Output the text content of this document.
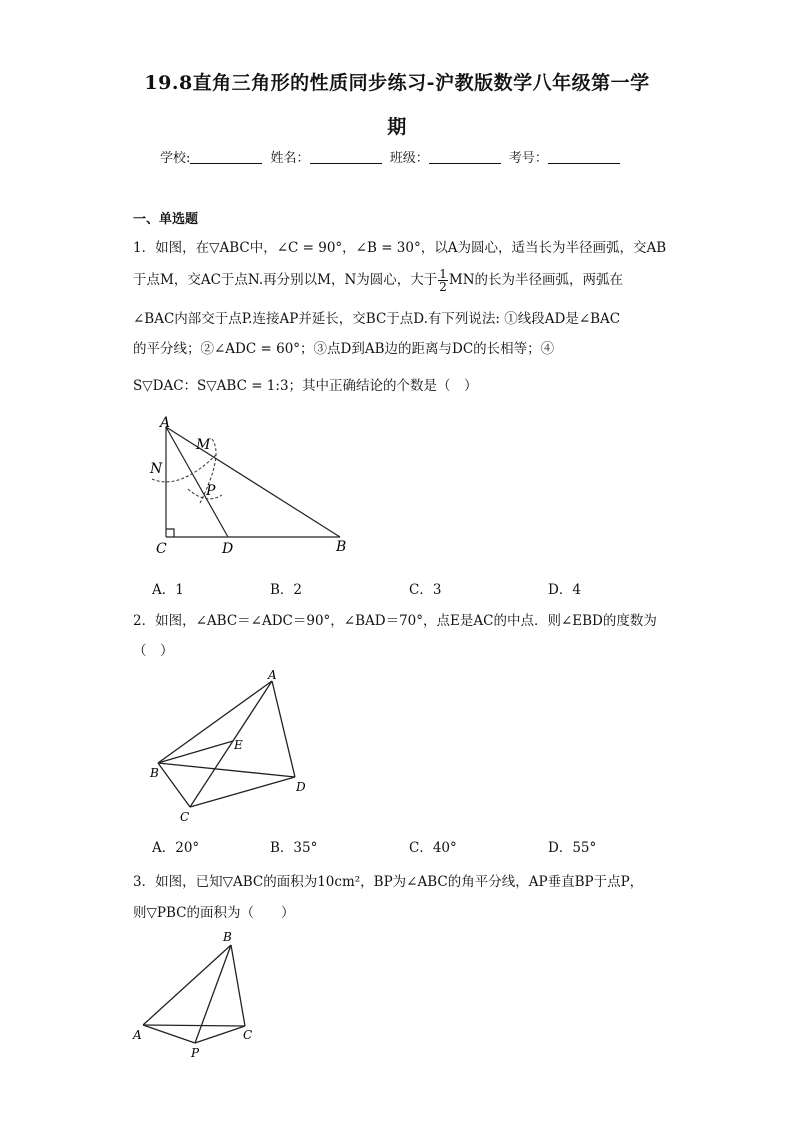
19.8直角三角形的性质同步练习-沪教版数学八年级第一学
期
学校:	姓名：	班级：	考号：
一、单选题
1．如图，在▽ABC中，∠C = 90°，∠B = 30°，以A为圆心，适当长为半径画弧，交AB
于点M，交AC于点N.再分别以M，N为圆心，大于 $\frac{1}{2}$ MN的长为半径画弧，两弧在
∠BAC内部交于点P.连接AP并延长，交BC于点D.有下列说法: ①线段AD是∠BAC
的平分线；②∠ADC = 60°；③点D到AB边的距离与DC的长相等；④
S▽DAC：S▽ABC = 1:3；其中正确结论的个数是（　）
A
M
N
P
C	D	B
A．1	B．2	C．3	D．4
2．如图，∠ABC＝∠ADC＝90°，∠BAD＝70°，点E是AC的中点．则∠EBD的度数为
（　）
A
E
B
D
C
A．20°	B．35°	C．40°	D．55°
3．如图，已知▽ABC的面积为10cm²，BP为∠ABC的角平分线，AP垂直BP于点P，
则▽PBC的面积为（　　）
B
A	C
P
